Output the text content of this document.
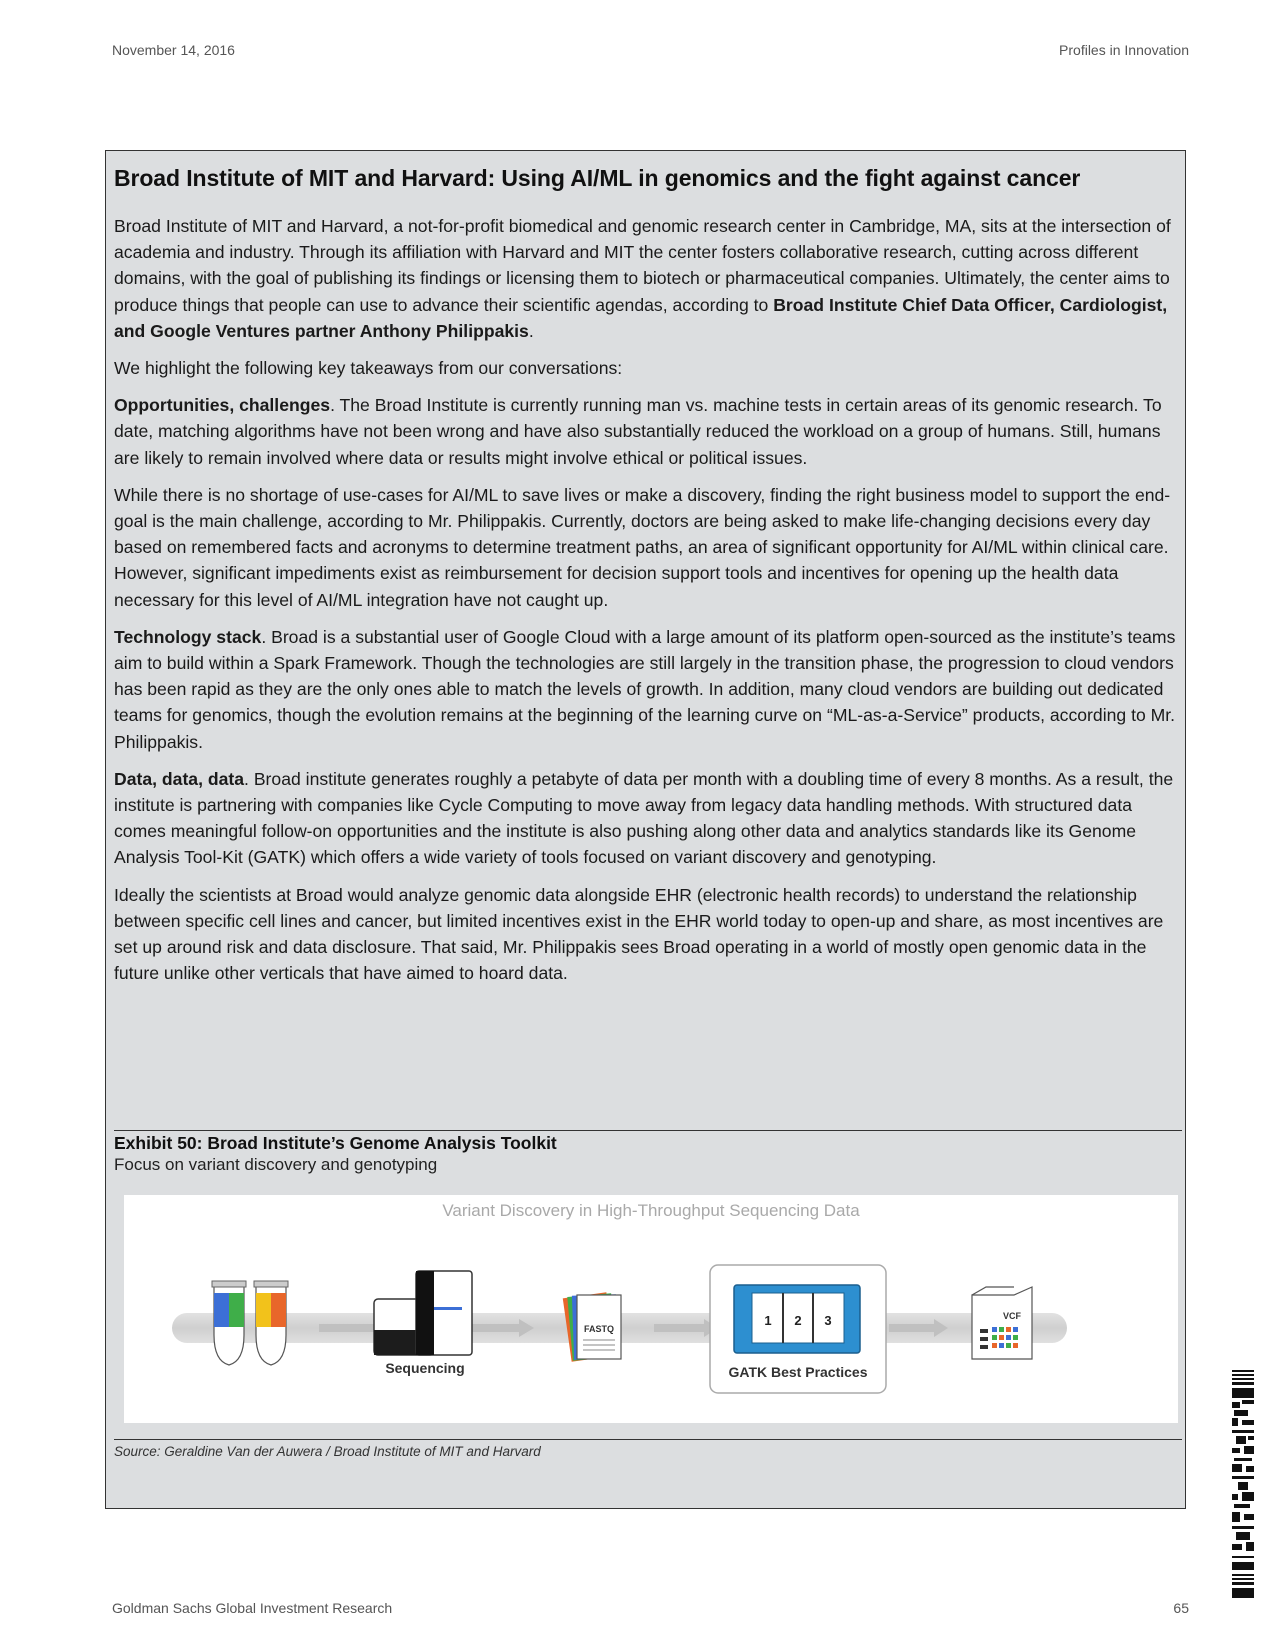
November 14, 2016	Profiles in Innovation
Broad Institute of MIT and Harvard: Using AI/ML in genomics and the fight against cancer

Broad Institute of MIT and Harvard, a not-for-profit biomedical and genomic research center in Cambridge, MA, sits at the intersection of academia and industry. Through its affiliation with Harvard and MIT the center fosters collaborative research, cutting across different domains, with the goal of publishing its findings or licensing them to biotech or pharmaceutical companies. Ultimately, the center aims to produce things that people can use to advance their scientific agendas, according to Broad Institute Chief Data Officer, Cardiologist, and Google Ventures partner Anthony Philippakis.

We highlight the following key takeaways from our conversations:

Opportunities, challenges. The Broad Institute is currently running man vs. machine tests in certain areas of its genomic research. To date, matching algorithms have not been wrong and have also substantially reduced the workload on a group of humans. Still, humans are likely to remain involved where data or results might involve ethical or political issues.

While there is no shortage of use-cases for AI/ML to save lives or make a discovery, finding the right business model to support the end-goal is the main challenge, according to Mr. Philippakis. Currently, doctors are being asked to make life-changing decisions every day based on remembered facts and acronyms to determine treatment paths, an area of significant opportunity for AI/ML within clinical care. However, significant impediments exist as reimbursement for decision support tools and incentives for opening up the health data necessary for this level of AI/ML integration have not caught up.

Technology stack. Broad is a substantial user of Google Cloud with a large amount of its platform open-sourced as the institute’s teams aim to build within a Spark Framework. Though the technologies are still largely in the transition phase, the progression to cloud vendors has been rapid as they are the only ones able to match the levels of growth. In addition, many cloud vendors are building out dedicated teams for genomics, though the evolution remains at the beginning of the learning curve on “ML-as-a-Service” products, according to Mr. Philippakis.

Data, data, data. Broad institute generates roughly a petabyte of data per month with a doubling time of every 8 months. As a result, the institute is partnering with companies like Cycle Computing to move away from legacy data handling methods. With structured data comes meaningful follow-on opportunities and the institute is also pushing along other data and analytics standards like its Genome Analysis Tool-Kit (GATK) which offers a wide variety of tools focused on variant discovery and genotyping.

Ideally the scientists at Broad would analyze genomic data alongside EHR (electronic health records) to understand the relationship between specific cell lines and cancer, but limited incentives exist in the EHR world today to open-up and share, as most incentives are set up around risk and data disclosure. That said, Mr. Philippakis sees Broad operating in a world of mostly open genomic data in the future unlike other verticals that have aimed to hoard data.

Exhibit 50: Broad Institute’s Genome Analysis Toolkit
Focus on variant discovery and genotyping
Variant Discovery in High-Throughput Sequencing Data
Sequencing
FASTQ
1 2 3
GATK Best Practices
VCF
Source: Geraldine Van der Auwera / Broad Institute of MIT and Harvard
Goldman Sachs Global Investment Research	65
